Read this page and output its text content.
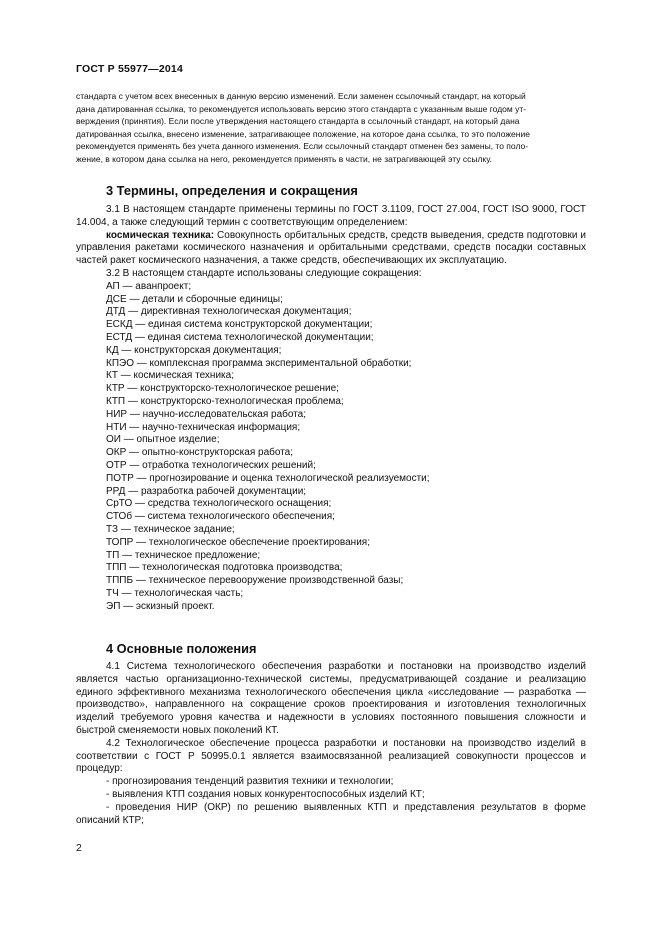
ГОСТ Р 55977—2014

стандарта с учетом всех внесенных в данную версию изменений. Если заменен ссылочный стандарт, на который

дана датированная ссылка, то рекомендуется использовать версию этого стандарта с указанным выше годом ут-

верждения (принятия). Если после утверждения настоящего стандарта в ссылочный стандарт, на который дана

датированная ссылка, внесено изменение, затрагивающее положение, на которое дана ссылка, то это положение

рекомендуется применять без учета данного изменения. Если ссылочный стандарт отменен без замены, то поло-

жение, в котором дана ссылка на него, рекомендуется применять в части, не затрагивающей эту ссылку.

3 Термины, определения и сокращения

3.1 В настоящем стандарте применены термины по ГОСТ 3.1109, ГОСТ 27.004, ГОСТ ISO 9000, ГОСТ 14.004, а также следующий термин с соответствующим определением:

космическая техника: Совокупность орбитальных средств, средств выведения, средств подготовки и управления ракетами космического назначения и орбитальными средствами, средств посадки составных частей ракет космического назначения, а также средств, обеспечивающих их эксплуатацию.

3.2 В настоящем стандарте использованы следующие сокращения:

АП — аванпроект;

ДСЕ — детали и сборочные единицы;

ДТД — директивная технологическая документация;

ЕСКД — единая система конструкторской документации;

ЕСТД — единая система технологической документации;

КД — конструкторская документация;

КПЭО — комплексная программа экспериментальной обработки;

КТ — космическая техника;

КТР — конструкторско-технологическое решение;

КТП — конструкторско-технологическая проблема;

НИР — научно-исследовательская работа;

НТИ — научно-техническая информация;

ОИ — опытное изделие;

ОКР — опытно-конструкторская работа;

ОТР — отработка технологических решений;

ПОТР — прогнозирование и оценка технологической реализуемости;

РРД — разработка рабочей документации;

СрТО — средства технологического оснащения;

СТОб — система технологического обеспечения;

ТЗ — техническое задание;

ТОПР — технологическое обеспечение проектирования;

ТП — техническое предложение;

ТПП — технологическая подготовка производства;

ТППБ — техническое перевооружение производственной базы;

ТЧ — технологическая часть;

ЭП — эскизный проект.

4 Основные положения

4.1 Система технологического обеспечения разработки и постановки на производство изделий является частью организационно-технической системы, предусматривающей создание и реализацию единого эффективного механизма технологического обеспечения цикла «исследование — разработка — производство», направленного на сокращение сроков проектирования и изготовления технологичных изделий требуемого уровня качества и надежности в условиях постоянного повышения сложности и быстрой сменяемости новых поколений КТ.

4.2 Технологическое обеспечение процесса разработки и постановки на производство изделий в соответствии с ГОСТ Р 50995.0.1 является взаимосвязанной реализацией совокупности процессов и процедур:

- прогнозирования тенденций развития техники и технологии;

- выявления КТП создания новых конкурентоспособных изделий КТ;

- проведения НИР (ОКР) по решению выявленных КТП и представления результатов в форме описаний КТР;

2
